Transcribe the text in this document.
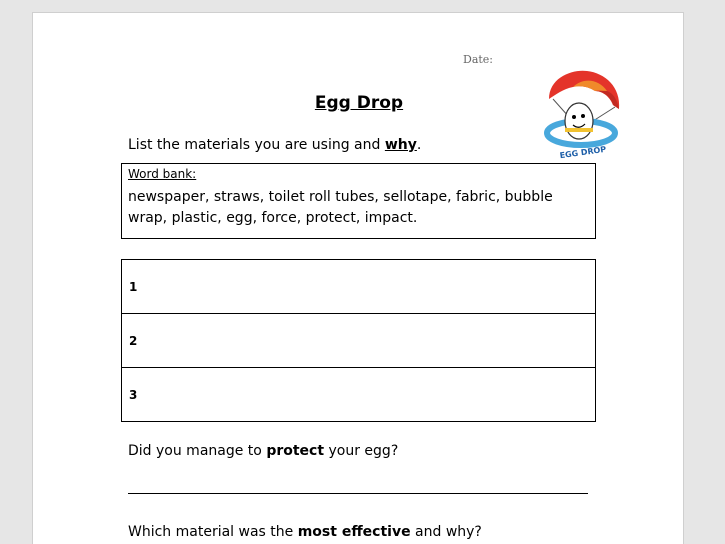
Date:
EGG DROP
Egg Drop
List the materials you are using and why.
Word bank:
newspaper, straws, toilet roll tubes, sellotape, fabric, bubble wrap, plastic, egg, force, protect, impact.
1
2
3
Did you manage to protect your egg?
Which material was the most effective and why?
